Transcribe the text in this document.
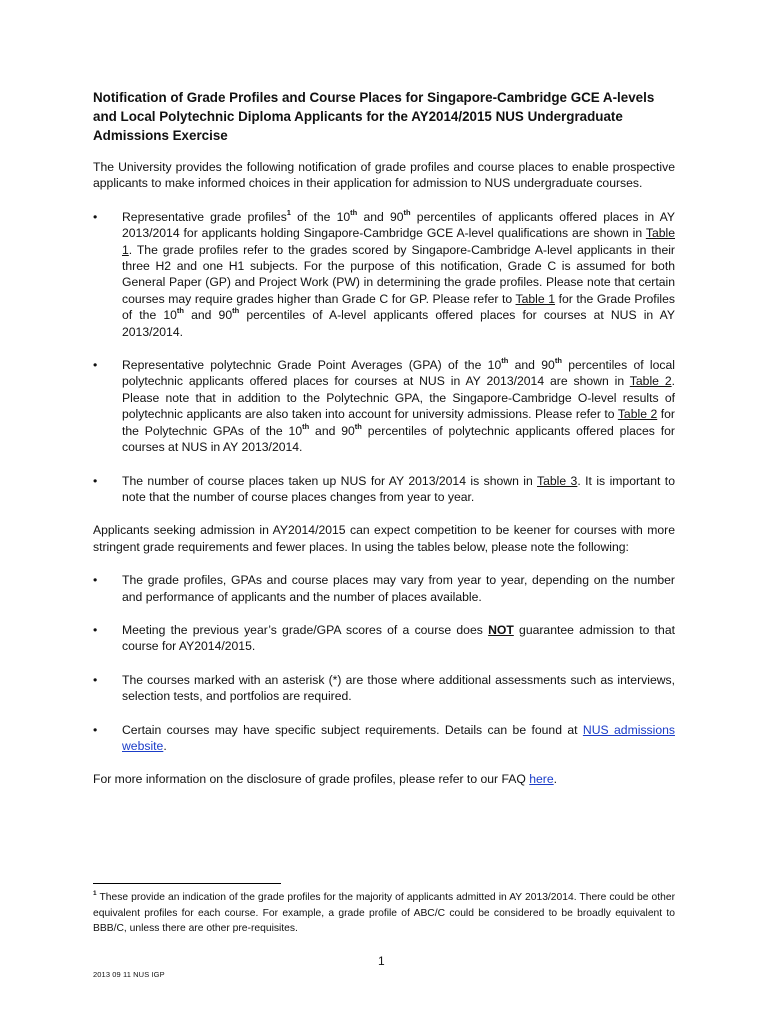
Notification of Grade Profiles and Course Places for Singapore-Cambridge GCE A-levels and Local Polytechnic Diploma Applicants for the AY2014/2015 NUS Undergraduate Admissions Exercise

The University provides the following notification of grade profiles and course places to enable prospective applicants to make informed choices in their application for admission to NUS undergraduate courses.

• Representative grade profiles$^1$ of the 10th and 90th percentiles of applicants offered places in AY 2013/2014 for applicants holding Singapore-Cambridge GCE A-level qualifications are shown in Table 1. The grade profiles refer to the grades scored by Singapore-Cambridge A-level applicants in their three H2 and one H1 subjects. For the purpose of this notification, Grade C is assumed for both General Paper (GP) and Project Work (PW) in determining the grade profiles. Please note that certain courses may require grades higher than Grade C for GP. Please refer to Table 1 for the Grade Profiles of the 10th and 90th percentiles of A-level applicants offered places for courses at NUS in AY 2013/2014.
• Representative polytechnic Grade Point Averages (GPA) of the 10th and 90th percentiles of local polytechnic applicants offered places for courses at NUS in AY 2013/2014 are shown in Table 2. Please note that in addition to the Polytechnic GPA, the Singapore-Cambridge O-level results of polytechnic applicants are also taken into account for university admissions. Please refer to Table 2 for the Polytechnic GPAs of the 10th and 90th percentiles of polytechnic applicants offered places for courses at NUS in AY 2013/2014.
• The number of course places taken up NUS for AY 2013/2014 is shown in Table 3. It is important to note that the number of course places changes from year to year.

Applicants seeking admission in AY2014/2015 can expect competition to be keener for courses with more stringent grade requirements and fewer places. In using the tables below, please note the following:

• The grade profiles, GPAs and course places may vary from year to year, depending on the number and performance of applicants and the number of places available.
• Meeting the previous year’s grade/GPA scores of a course does NOT guarantee admission to that course for AY2014/2015.
• The courses marked with an asterisk (*) are those where additional assessments such as interviews, selection tests, and portfolios are required.
• Certain courses may have specific subject requirements. Details can be found at NUS admissions website.

For more information on the disclosure of grade profiles, please refer to our FAQ here.

$^1$ These provide an indication of the grade profiles for the majority of applicants admitted in AY 2013/2014. There could be other equivalent profiles for each course. For example, a grade profile of ABC/C could be considered to be broadly equivalent to BBB/C, unless there are other pre-requisites.
1
2013 09 11 NUS IGP
